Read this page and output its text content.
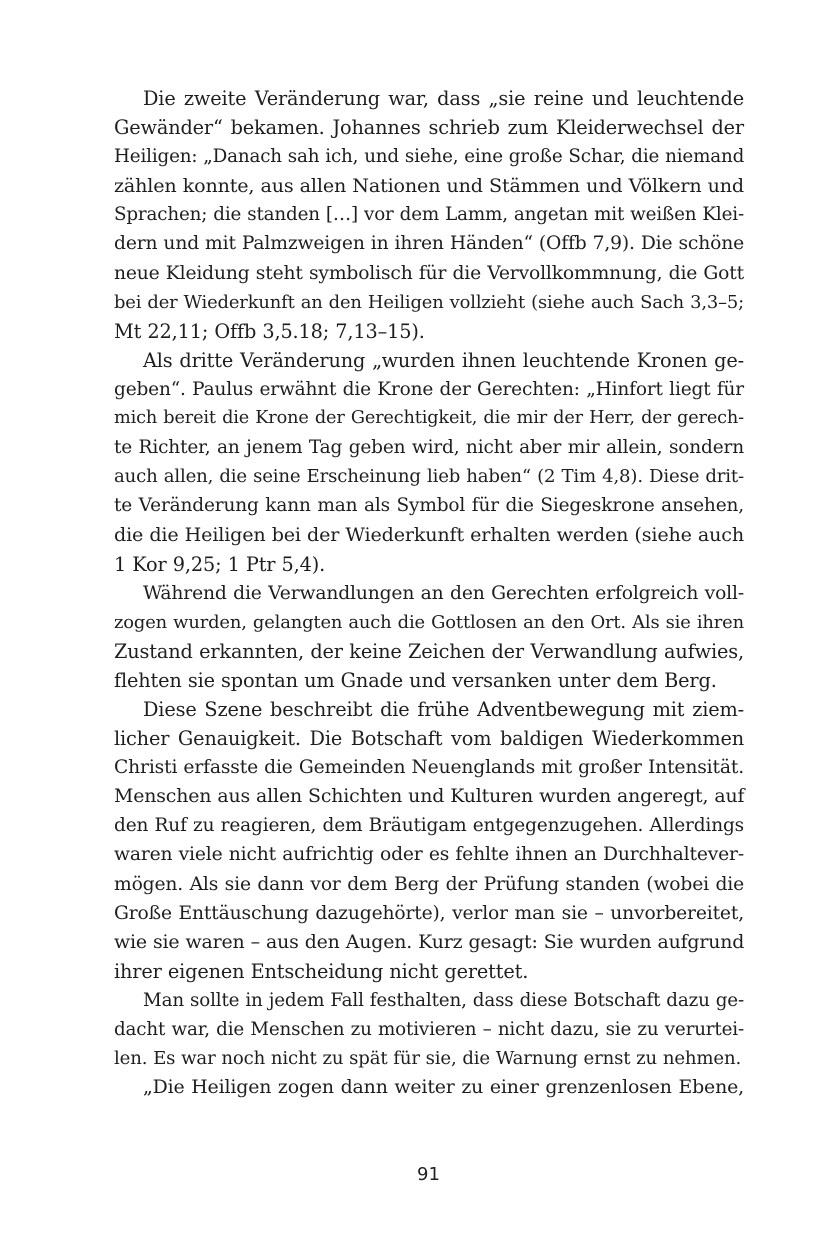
Die zweite Veränderung war, dass „sie reine und leuchtende
Gewänder“ bekamen. Johannes schrieb zum Kleiderwechsel der
Heiligen: „Danach sah ich, und siehe, eine große Schar, die niemand
zählen konnte, aus allen Nationen und Stämmen und Völkern und
Sprachen; die standen […] vor dem Lamm, angetan mit weißen Klei-
dern und mit Palmzweigen in ihren Händen“ (Offb 7,9). Die schöne
neue Kleidung steht symbolisch für die Vervollkommnung, die Gott
bei der Wiederkunft an den Heiligen vollzieht (siehe auch Sach 3,3–5;
Mt 22,11; Offb 3,5.18; 7,13–15).
Als dritte Veränderung „wurden ihnen leuchtende Kronen ge-
geben“. Paulus erwähnt die Krone der Gerechten: „Hinfort liegt für
mich bereit die Krone der Gerechtigkeit, die mir der Herr, der gerech-
te Richter, an jenem Tag geben wird, nicht aber mir allein, sondern
auch allen, die seine Erscheinung lieb haben“ (2 Tim 4,8). Diese drit-
te Veränderung kann man als Symbol für die Siegeskrone ansehen,
die die Heiligen bei der Wiederkunft erhalten werden (siehe auch
1 Kor 9,25; 1 Ptr 5,4).
Während die Verwandlungen an den Gerechten erfolgreich voll-
zogen wurden, gelangten auch die Gottlosen an den Ort. Als sie ihren
Zustand erkannten, der keine Zeichen der Verwandlung aufwies,
flehten sie spontan um Gnade und versanken unter dem Berg.
Diese Szene beschreibt die frühe Adventbewegung mit ziem-
licher Genauigkeit. Die Botschaft vom baldigen Wiederkommen
Christi erfasste die Gemeinden Neuenglands mit großer Intensität.
Menschen aus allen Schichten und Kulturen wurden angeregt, auf
den Ruf zu reagieren, dem Bräutigam entgegenzugehen. Allerdings
waren viele nicht aufrichtig oder es fehlte ihnen an Durchhaltever-
mögen. Als sie dann vor dem Berg der Prüfung standen (wobei die
Große Enttäuschung dazugehörte), verlor man sie – unvorbereitet,
wie sie waren – aus den Augen. Kurz gesagt: Sie wurden aufgrund
ihrer eigenen Entscheidung nicht gerettet.
Man sollte in jedem Fall festhalten, dass diese Botschaft dazu ge-
dacht war, die Menschen zu motivieren – nicht dazu, sie zu verurtei-
len. Es war noch nicht zu spät für sie, die Warnung ernst zu nehmen.
„Die Heiligen zogen dann weiter zu einer grenzenlosen Ebene,
91
